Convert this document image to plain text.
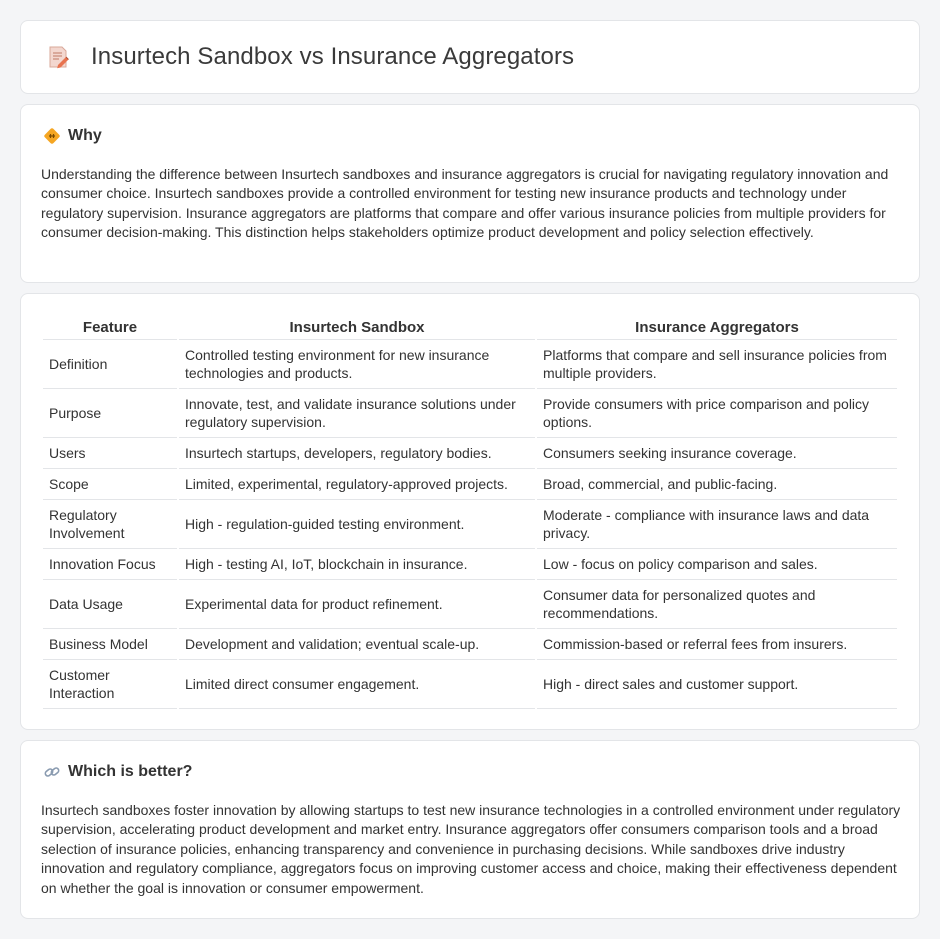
Insurtech Sandbox vs Insurance Aggregators
Why

Understanding the difference between Insurtech sandboxes and insurance aggregators is crucial for navigating regulatory innovation and consumer choice. Insurtech sandboxes provide a controlled environment for testing new insurance products and technology under regulatory supervision. Insurance aggregators are platforms that compare and offer various insurance policies from multiple providers for consumer decision-making. This distinction helps stakeholders optimize product development and policy selection effectively.

Feature	Insurtech Sandbox	Insurance Aggregators
Definition	Controlled testing environment for new insurance technologies and products.	Platforms that compare and sell insurance policies from multiple providers.
Purpose	Innovate, test, and validate insurance solutions under regulatory supervision.	Provide consumers with price comparison and policy options.
Users	Insurtech startups, developers, regulatory bodies.	Consumers seeking insurance coverage.
Scope	Limited, experimental, regulatory-approved projects.	Broad, commercial, and public-facing.
Regulatory Involvement	High - regulation-guided testing environment.	Moderate - compliance with insurance laws and data privacy.
Innovation Focus	High - testing AI, IoT, blockchain in insurance.	Low - focus on policy comparison and sales.
Data Usage	Experimental data for product refinement.	Consumer data for personalized quotes and recommendations.
Business Model	Development and validation; eventual scale-up.	Commission-based or referral fees from insurers.
Customer Interaction	Limited direct consumer engagement.	High - direct sales and customer support.
Which is better?

Insurtech sandboxes foster innovation by allowing startups to test new insurance technologies in a controlled environment under regulatory supervision, accelerating product development and market entry. Insurance aggregators offer consumers comparison tools and a broad selection of insurance policies, enhancing transparency and convenience in purchasing decisions. While sandboxes drive industry innovation and regulatory compliance, aggregators focus on improving customer access and choice, making their effectiveness dependent on whether the goal is innovation or consumer empowerment.
